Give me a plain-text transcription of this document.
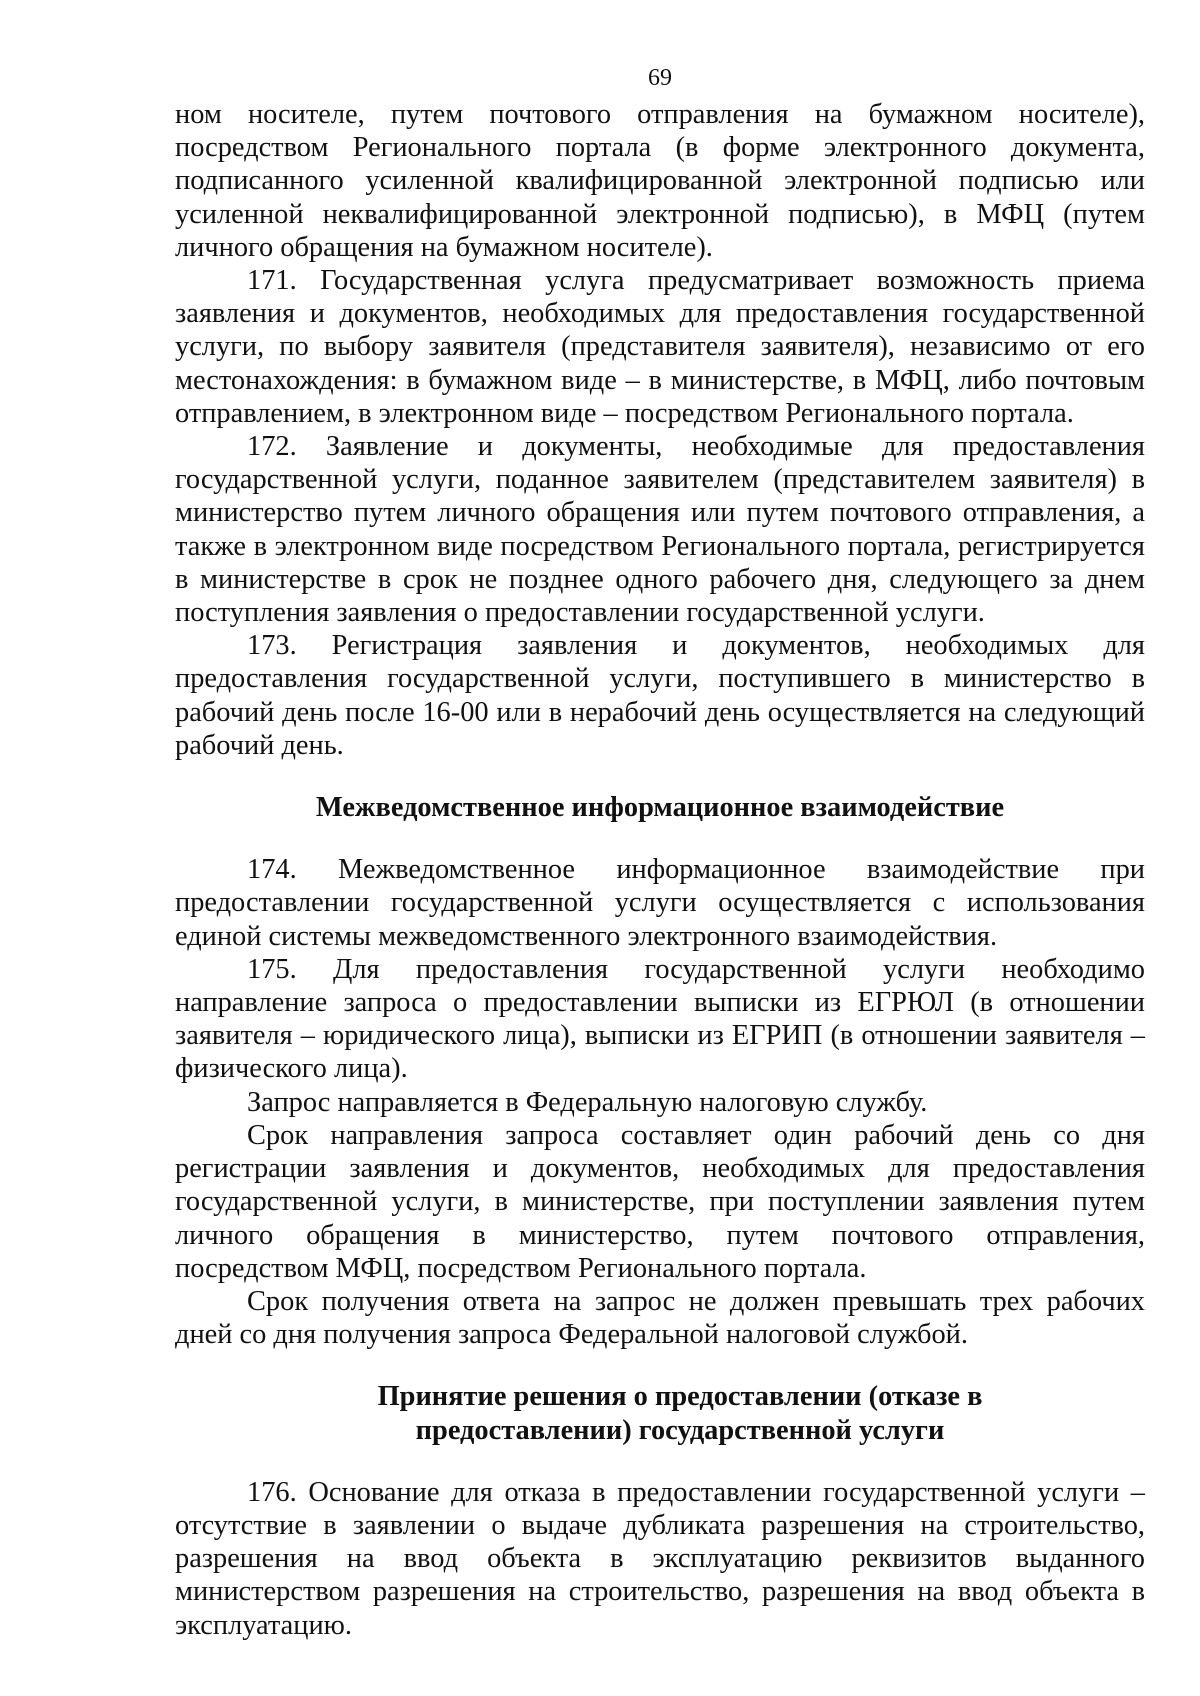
69

ном носителе, путем почтового отправления на бумажном носителе), посредством Регионального портала (в форме электронного документа, подписанного усиленной квалифицированной электронной подписью или усиленной неквалифицированной электронной подписью), в МФЦ (путем личного обращения на бумажном носителе).

171. Государственная услуга предусматривает возможность приема заявления и документов, необходимых для предоставления государственной услуги, по выбору заявителя (представителя заявителя), независимо от его местонахождения: в бумажном виде – в министерстве, в МФЦ, либо почтовым отправлением, в электронном виде – посредством Регионального портала.

172. Заявление и документы, необходимые для предоставления государственной услуги, поданное заявителем (представителем заявителя) в министерство путем личного обращения или путем почтового отправления, а также в электронном виде посредством Регионального портала, регистрируется в министерстве в срок не позднее одного рабочего дня, следующего за днем поступления заявления о предоставлении государственной услуги.

173. Регистрация заявления и документов, необходимых для предоставления государственной услуги, поступившего в министерство в рабочий день после 16-00 или в нерабочий день осуществляется на следующий рабочий день.

Межведомственное информационное взаимодействие

174. Межведомственное информационное взаимодействие при предоставлении государственной услуги осуществляется с использования единой системы межведомственного электронного взаимодействия.

175. Для предоставления государственной услуги необходимо направление запроса о предоставлении выписки из ЕГРЮЛ (в отношении заявителя – юридического лица), выписки из ЕГРИП (в отношении заявителя – физического лица).

Запрос направляется в Федеральную налоговую службу.

Срок направления запроса составляет один рабочий день со дня регистрации заявления и документов, необходимых для предоставления государственной услуги, в министерстве, при поступлении заявления путем личного обращения в министерство, путем почтового отправления, посредством МФЦ, посредством Регионального портала.

Срок получения ответа на запрос не должен превышать трех рабочих дней со дня получения запроса Федеральной налоговой службой.

Принятие решения о предоставлении (отказе в
предоставлении) государственной услуги

176. Основание для отказа в предоставлении государственной услуги – отсутствие в заявлении о выдаче дубликата разрешения на строительство, разрешения на ввод объекта в эксплуатацию реквизитов выданного министерством разрешения на строительство, разрешения на ввод объекта в эксплуатацию.
